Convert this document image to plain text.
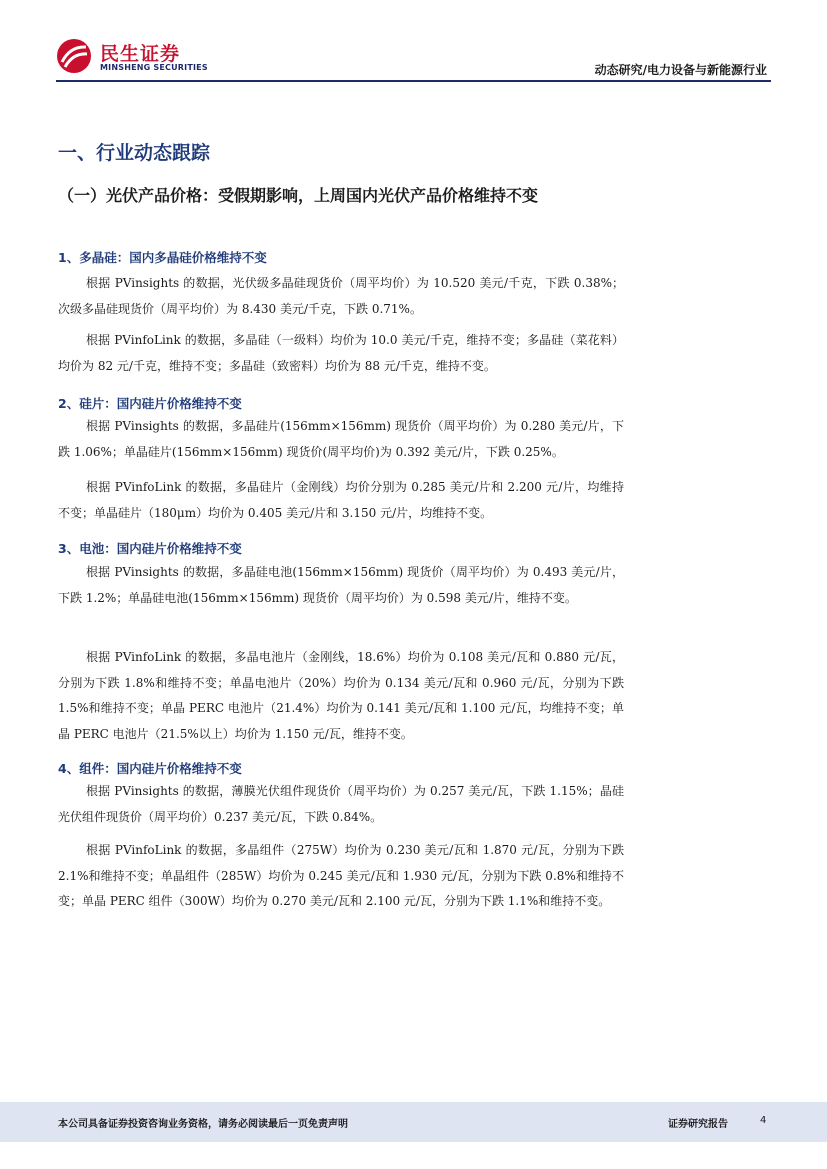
民生证券
MINSHENG SECURITIES	动态研究/电力设备与新能源行业
一、行业动态跟踪
（一）光伏产品价格：受假期影响，上周国内光伏产品价格维持不变
1、多晶硅：国内多晶硅价格维持不变

根据 PVinsights 的数据，光伏级多晶硅现货价（周平均价）为 10.520 美元/千克，下跌 0.38%；次级多晶硅现货价（周平均价）为 8.430 美元/千克，下跌 0.71%。

根据 PVinfoLink 的数据，多晶硅（一级料）均价为 10.0 美元/千克，维持不变；多晶硅（菜花料）均价为 82 元/千克，维持不变；多晶硅（致密料）均价为 88 元/千克，维持不变。

2、硅片：国内硅片价格维持不变

根据 PVinsights 的数据，多晶硅片(156mm×156mm) 现货价（周平均价）为 0.280 美元/片，下跌 1.06%；单晶硅片(156mm×156mm) 现货价(周平均价)为 0.392 美元/片，下跌 0.25%。

根据 PVinfoLink 的数据，多晶硅片（金刚线）均价分别为 0.285 美元/片和 2.200 元/片，均维持不变；单晶硅片（180μm）均价为 0.405 美元/片和 3.150 元/片，均维持不变。

3、电池：国内硅片价格维持不变

根据 PVinsights 的数据，多晶硅电池(156mm×156mm) 现货价（周平均价）为 0.493 美元/片，下跌 1.2%；单晶硅电池(156mm×156mm) 现货价（周平均价）为 0.598 美元/片，维持不变。

根据 PVinfoLink 的数据，多晶电池片（金刚线，18.6%）均价为 0.108 美元/瓦和 0.880 元/瓦，分别为下跌 1.8%和维持不变；单晶电池片（20%）均价为 0.134 美元/瓦和 0.960 元/瓦，分别为下跌 1.5%和维持不变；单晶 PERC 电池片（21.4%）均价为 0.141 美元/瓦和 1.100 元/瓦，均维持不变；单晶 PERC 电池片（21.5%以上）均价为 1.150 元/瓦，维持不变。

4、组件：国内硅片价格维持不变

根据 PVinsights 的数据，薄膜光伏组件现货价（周平均价）为 0.257 美元/瓦，下跌 1.15%；晶硅光伏组件现货价（周平均价）0.237 美元/瓦，下跌 0.84%。

根据 PVinfoLink 的数据，多晶组件（275W）均价为 0.230 美元/瓦和 1.870 元/瓦，分别为下跌 2.1%和维持不变；单晶组件（285W）均价为 0.245 美元/瓦和 1.930 元/瓦，分别为下跌 0.8%和维持不变；单晶 PERC 组件（300W）均价为 0.270 美元/瓦和 2.100 元/瓦，分别为下跌 1.1%和维持不变。

本公司具备证券投资咨询业务资格，请务必阅读最后一页免责声明	证券研究报告	4
